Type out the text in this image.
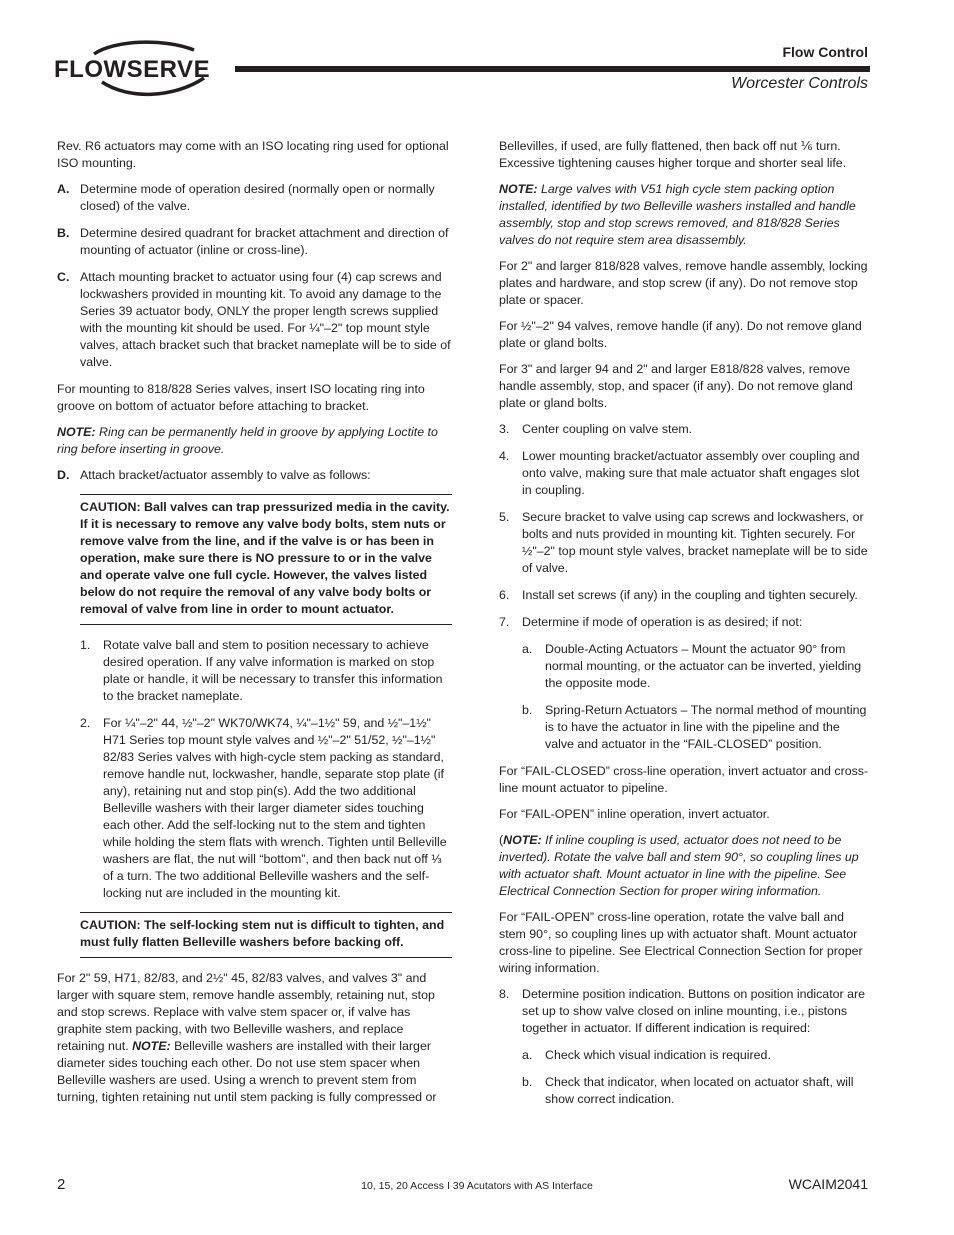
FLOWSERVE
Flow Control
Worcester Controls

Rev. R6 actuators may come with an ISO locating ring used for optional ISO mounting.

A. Determine mode of operation desired (normally open or normally closed) of the valve.
B. Determine desired quadrant for bracket attachment and direction of mounting of actuator (inline or cross-line).
C. Attach mounting bracket to actuator using four (4) cap screws and lockwashers provided in mounting kit. To avoid any damage to the Series 39 actuator body, ONLY the proper length screws supplied with the mounting kit should be used. For ¼"–2" top mount style valves, attach bracket such that bracket nameplate will be to side of valve.

For mounting to 818/828 Series valves, insert ISO locating ring into groove on bottom of actuator before attaching to bracket.

NOTE: Ring can be permanently held in groove by applying Loctite to ring before inserting in groove.

D. Attach bracket/actuator assembly to valve as follows:
CAUTION: Ball valves can trap pressurized media in the cavity. If it is necessary to remove any valve body bolts, stem nuts or remove valve from the line, and if the valve is or has been in operation, make sure there is NO pressure to or in the valve and operate valve one full cycle. However, the valves listed below do not require the removal of any valve body bolts or removal of valve from line in order to mount actuator.
1. Rotate valve ball and stem to position necessary to achieve desired operation. If any valve information is marked on stop plate or handle, it will be necessary to transfer this information to the bracket nameplate.
2. For ¼"–2" 44, ½"–2" WK70/WK74, ¼"–1½" 59, and ½"–1½" H71 Series top mount style valves and ½"–2" 51/52, ½"–1½" 82/83 Series valves with high-cycle stem packing as standard, remove handle nut, lockwasher, handle, separate stop plate (if any), retaining nut and stop pin(s). Add the two additional Belleville washers with their larger diameter sides touching each other. Add the self-locking nut to the stem and tighten while holding the stem flats with wrench. Tighten until Belleville washers are flat, the nut will “bottom”, and then back nut off ⅓ of a turn. The two additional Belleville washers and the self-locking nut are included in the mounting kit.
CAUTION: The self-locking stem nut is difficult to tighten, and must fully flatten Belleville washers before backing off.

For 2" 59, H71, 82/83, and 2½" 45, 82/83 valves, and valves 3" and larger with square stem, remove handle assembly, retaining nut, stop and stop screws. Replace with valve stem spacer or, if valve has graphite stem packing, with two Belleville washers, and replace retaining nut. NOTE: Belleville washers are installed with their larger diameter sides touching each other. Do not use stem spacer when Belleville washers are used. Using a wrench to prevent stem from turning, tighten retaining nut until stem packing is fully compressed or

Bellevilles, if used, are fully flattened, then back off nut ⅙ turn. Excessive tightening causes higher torque and shorter seal life.

NOTE: Large valves with V51 high cycle stem packing option installed, identified by two Belleville washers installed and handle assembly, stop and stop screws removed, and 818/828 Series valves do not require stem area disassembly.

For 2" and larger 818/828 valves, remove handle assembly, locking plates and hardware, and stop screw (if any). Do not remove stop plate or spacer.

For ½"–2" 94 valves, remove handle (if any). Do not remove gland plate or gland bolts.

For 3" and larger 94 and 2" and larger E818/828 valves, remove handle assembly, stop, and spacer (if any). Do not remove gland plate or gland bolts.

3. Center coupling on valve stem.
4. Lower mounting bracket/actuator assembly over coupling and onto valve, making sure that male actuator shaft engages slot in coupling.
5. Secure bracket to valve using cap screws and lockwashers, or bolts and nuts provided in mounting kit. Tighten securely. For ½"–2" top mount style valves, bracket nameplate will be to side of valve.
6. Install set screws (if any) in the coupling and tighten securely.
7. Determine if mode of operation is as desired; if not:
a. Double-Acting Actuators – Mount the actuator 90° from normal mounting, or the actuator can be inverted, yielding the opposite mode.
b. Spring-Return Actuators – The normal method of mounting is to have the actuator in line with the pipeline and the valve and actuator in the “FAIL-CLOSED” position.

For “FAIL-CLOSED” cross-line operation, invert actuator and cross-line mount actuator to pipeline.

For “FAIL-OPEN” inline operation, invert actuator.

(NOTE: If inline coupling is used, actuator does not need to be inverted). Rotate the valve ball and stem 90°, so coupling lines up with actuator shaft. Mount actuator in line with the pipeline. See Electrical Connection Section for proper wiring information.

For “FAIL-OPEN” cross-line operation, rotate the valve ball and stem 90°, so coupling lines up with actuator shaft. Mount actuator cross-line to pipeline. See Electrical Connection Section for proper wiring information.

8. Determine position indication. Buttons on position indicator are set up to show valve closed on inline mounting, i.e., pistons together in actuator. If different indication is required:
a. Check which visual indication is required.
b. Check that indicator, when located on actuator shaft, will show correct indication.
2	10, 15, 20 Access I 39 Acutators with AS Interface	WCAIM2041
